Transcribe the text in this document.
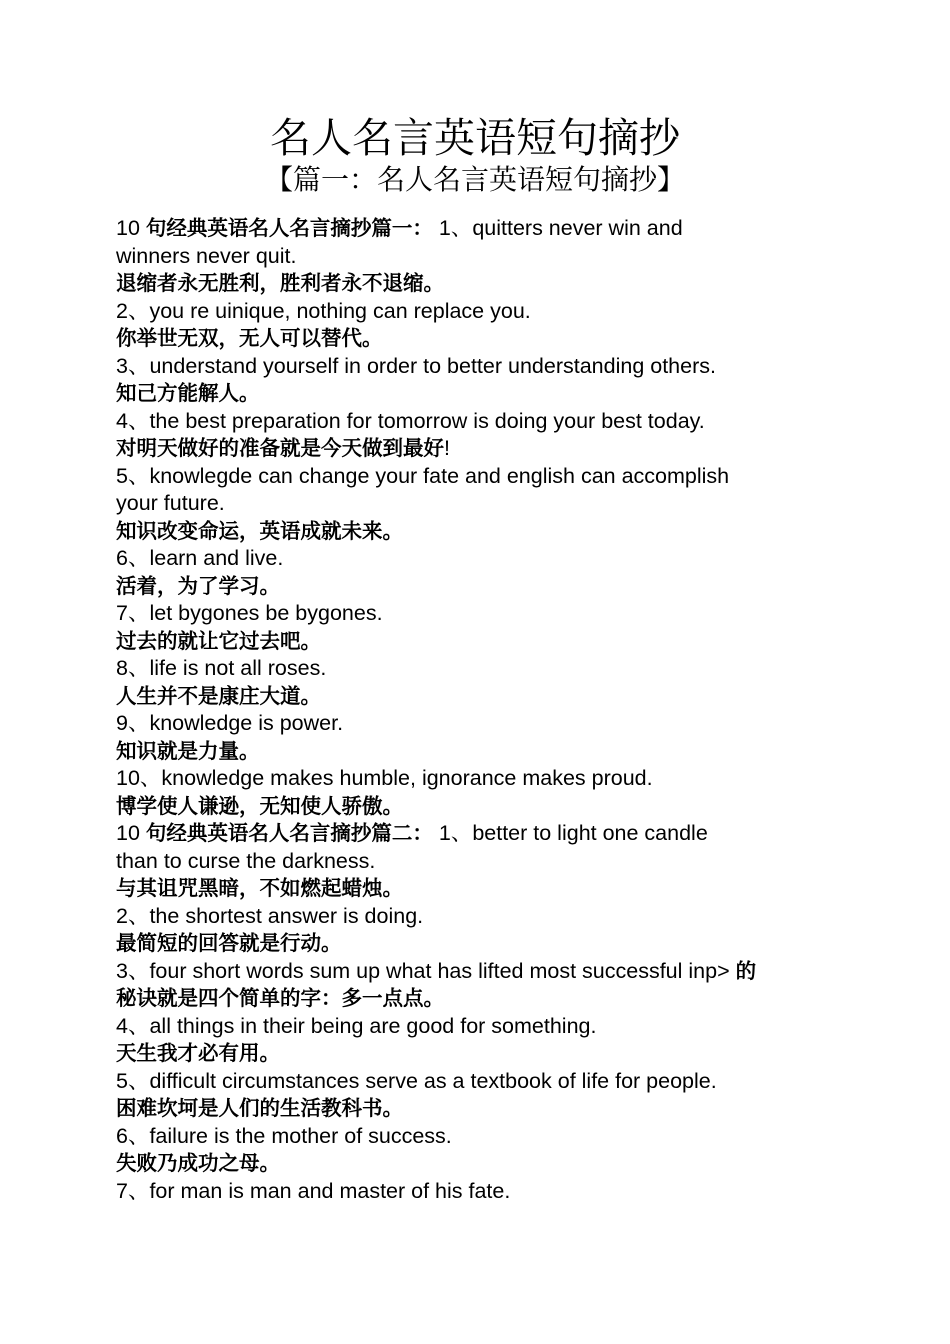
名人名言英语短句摘抄
【篇一：名人名言英语短句摘抄】
10 句经典英语名人名言摘抄篇一： 1、quitters never win and
winners never quit.
退缩者永无胜利，胜利者永不退缩。
2、you re uinique, nothing can replace you.
你举世无双，无人可以替代。
3、understand yourself in order to better understanding others.
知己方能解人。
4、the best preparation for tomorrow is doing your best today.
对明天做好的准备就是今天做到最好!
5、knowlegde can change your fate and english can accomplish
your future.
知识改变命运，英语成就未来。
6、learn and live.
活着，为了学习。
7、let bygones be bygones.
过去的就让它过去吧。
8、life is not all roses.
人生并不是康庄大道。
9、knowledge is power.
知识就是力量。
10、knowledge makes humble, ignorance makes proud.
博学使人谦逊，无知使人骄傲。
10 句经典英语名人名言摘抄篇二： 1、better to light one candle
than to curse the darkness.
与其诅咒黑暗，不如燃起蜡烛。
2、the shortest answer is doing.
最简短的回答就是行动。
3、four short words sum up what has lifted most successful inp> 的
秘诀就是四个简单的字：多一点点。
4、all things in their being are good for something.
天生我才必有用。
5、difficult circumstances serve as a textbook of life for people.
困难坎坷是人们的生活教科书。
6、failure is the mother of success.
失败乃成功之母。
7、for man is man and master of his fate.
